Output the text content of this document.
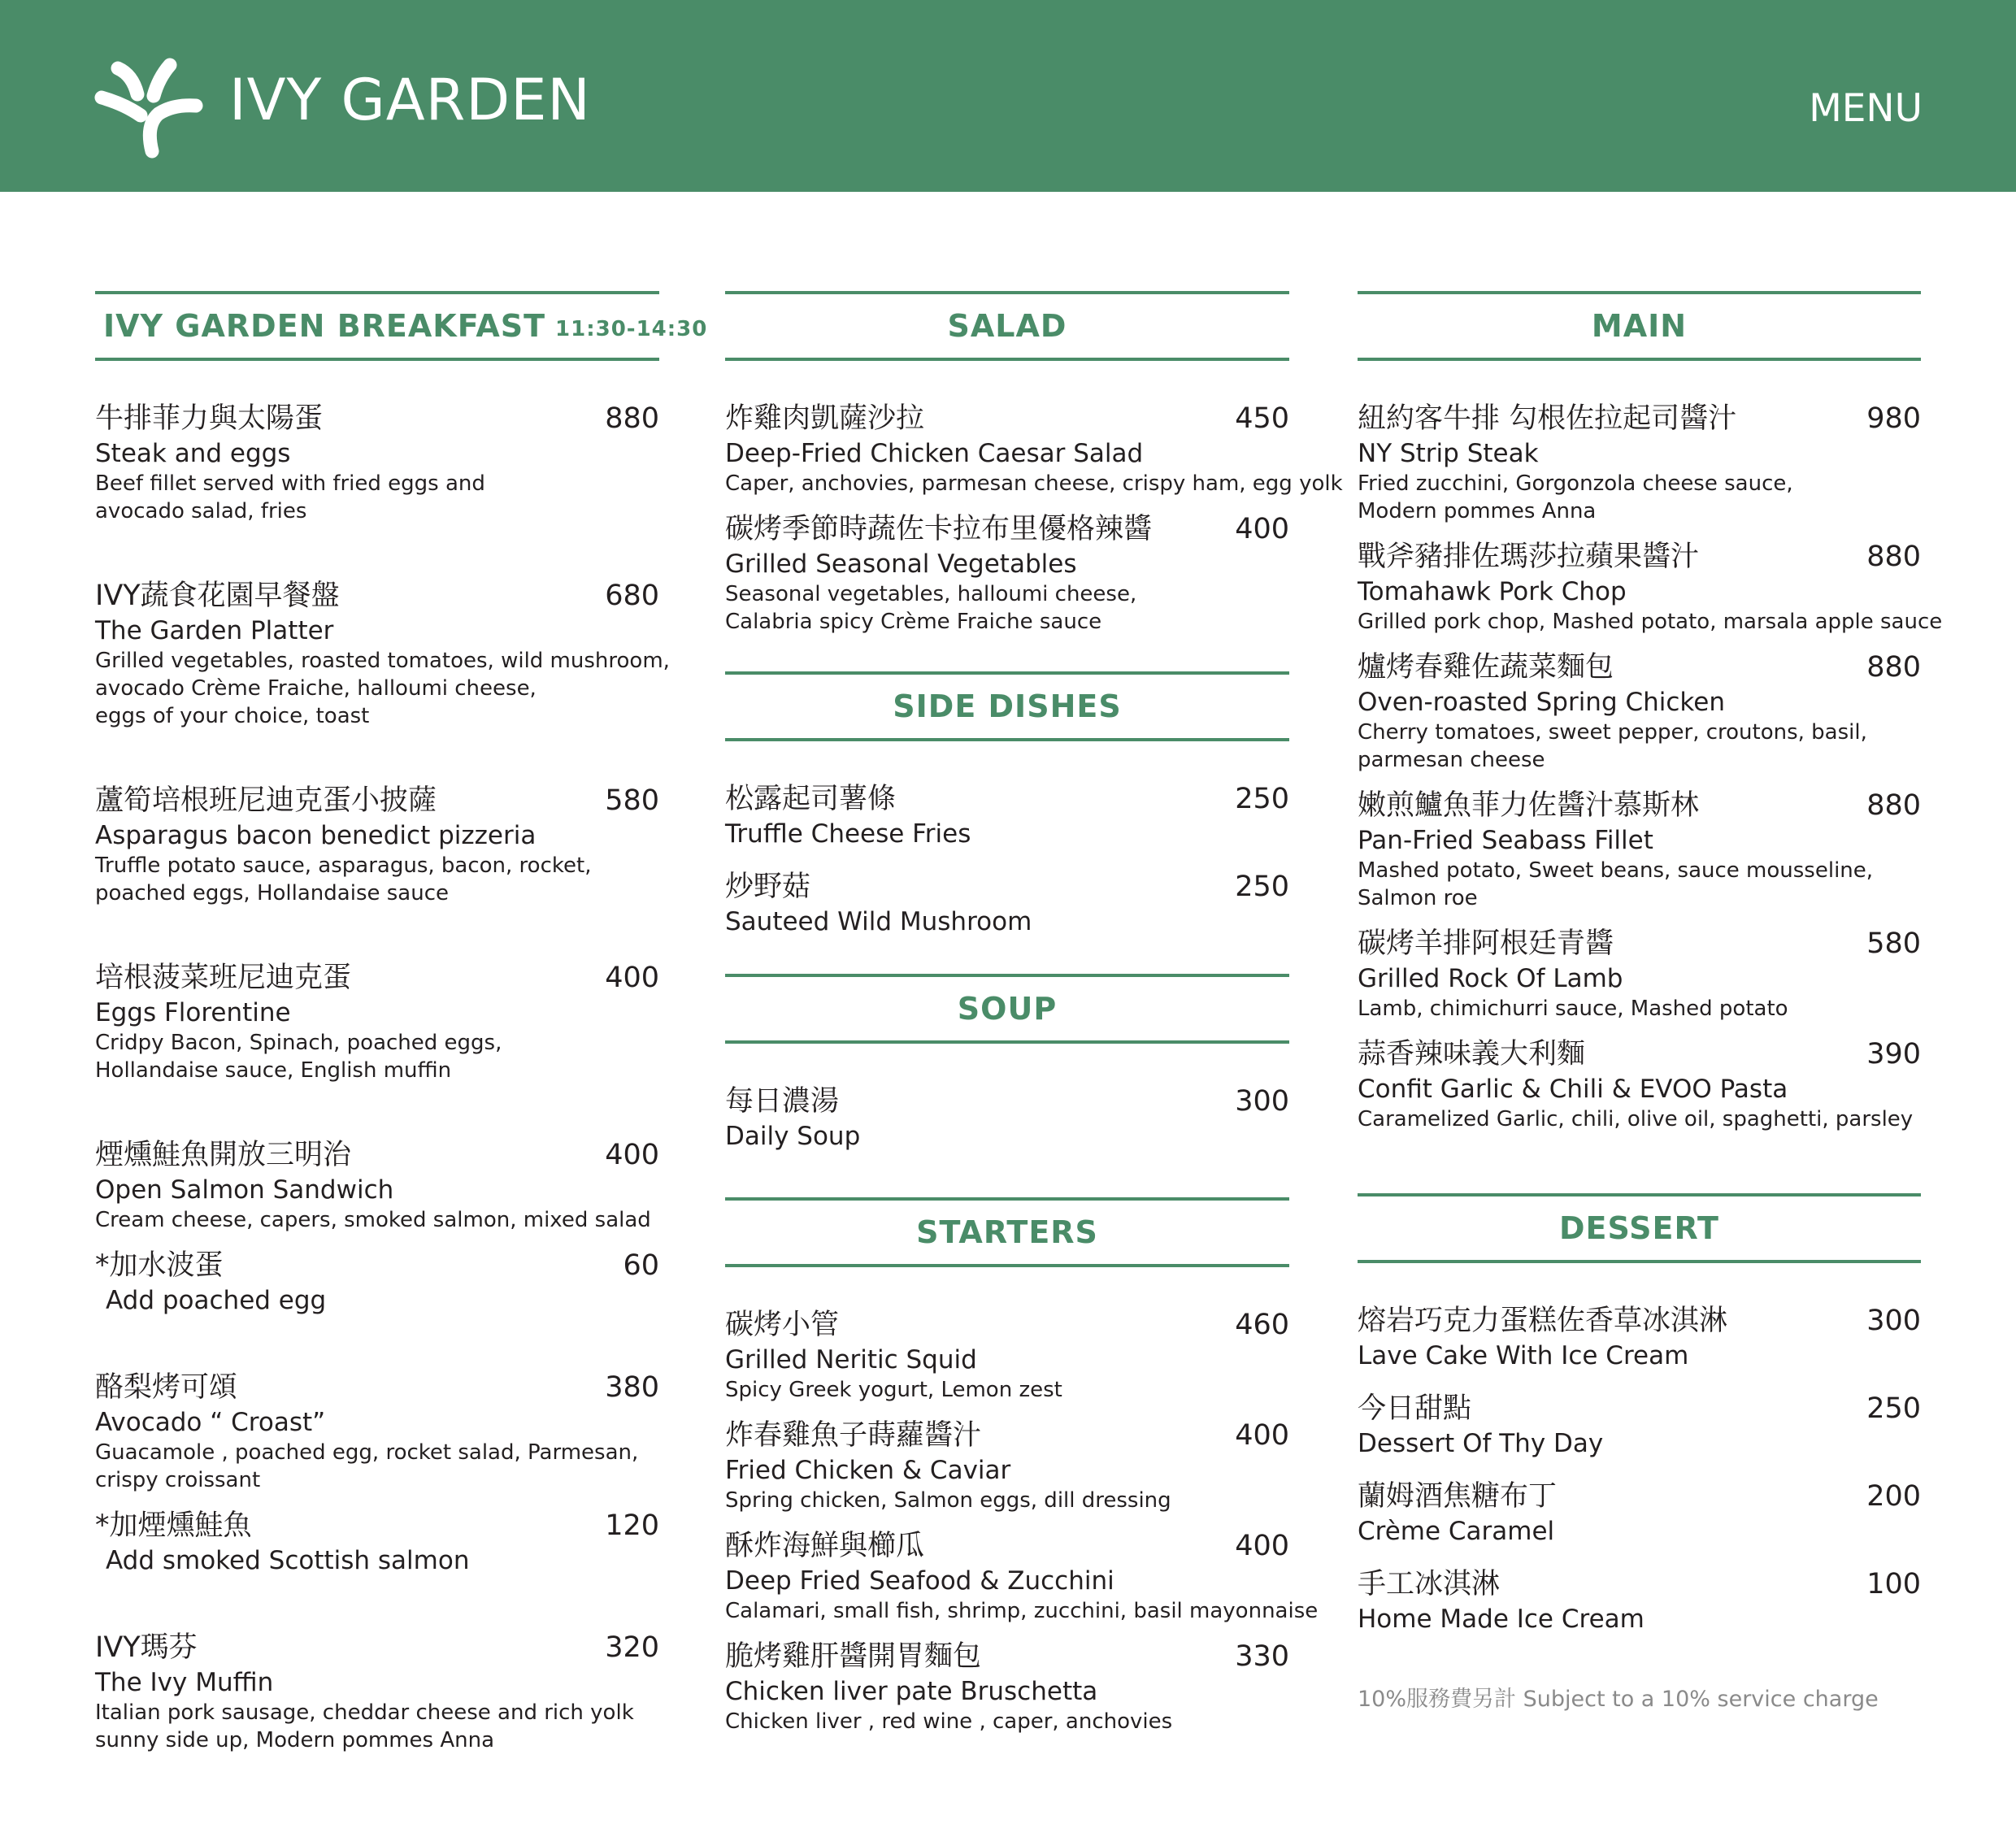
IVY GARDEN	MENU
IVY GARDEN BREAKFAST 11:30-14:30
牛排菲力與太陽蛋	880
Steak and eggs
Beef fillet served with fried eggs and
avocado salad, fries
IVY蔬食花園早餐盤	680
The Garden Platter
Grilled vegetables, roasted tomatoes, wild mushroom,
avocado Crème Fraiche, halloumi cheese,
eggs of your choice, toast
蘆筍培根班尼迪克蛋小披薩	580
Asparagus bacon benedict pizzeria
Truffle potato sauce, asparagus, bacon, rocket,
poached eggs, Hollandaise sauce
培根菠菜班尼迪克蛋	400
Eggs Florentine
Cridpy Bacon, Spinach, poached eggs,
Hollandaise sauce, English muffin
煙燻鮭魚開放三明治	400
Open Salmon Sandwich
Cream cheese, capers, smoked salmon, mixed salad
*加水波蛋	60
Add poached egg
酪梨烤可頌	380
Avocado “ Croast”
Guacamole , poached egg, rocket salad, Parmesan,
crispy croissant
*加煙燻鮭魚	120
Add smoked Scottish salmon
IVY瑪芬	320
The Ivy Muffin
Italian pork sausage, cheddar cheese and rich yolk
sunny side up, Modern pommes Anna
SALAD
炸雞肉凱薩沙拉	450
Deep-Fried Chicken Caesar Salad
Caper, anchovies, parmesan cheese, crispy ham, egg yolk
碳烤季節時蔬佐卡拉布里優格辣醬	400
Grilled Seasonal Vegetables
Seasonal vegetables, halloumi cheese,
Calabria spicy Crème Fraiche sauce
SIDE DISHES
松露起司薯條	250
Truffle Cheese Fries
炒野菇	250
Sauteed Wild Mushroom
SOUP
每日濃湯	300
Daily Soup
STARTERS
碳烤小管	460
Grilled Neritic Squid
Spicy Greek yogurt, Lemon zest
炸春雞魚子蒔蘿醬汁	400
Fried Chicken & Caviar
Spring chicken, Salmon eggs, dill dressing
酥炸海鮮與櫛瓜	400
Deep Fried Seafood & Zucchini
Calamari, small fish, shrimp, zucchini, basil mayonnaise
脆烤雞肝醬開胃麵包	330
Chicken liver pate Bruschetta
Chicken liver , red wine , caper, anchovies
MAIN
紐約客牛排 勾根佐拉起司醬汁	980
NY Strip Steak
Fried zucchini, Gorgonzola cheese sauce,
Modern pommes Anna
戰斧豬排佐瑪莎拉蘋果醬汁	880
Tomahawk Pork Chop
Grilled pork chop, Mashed potato, marsala apple sauce
爐烤春雞佐蔬菜麵包	880
Oven-roasted Spring Chicken
Cherry tomatoes, sweet pepper, croutons, basil,
parmesan cheese
嫩煎鱸魚菲力佐醬汁慕斯林	880
Pan-Fried Seabass Fillet
Mashed potato, Sweet beans, sauce mousseline,
Salmon roe
碳烤羊排阿根廷青醬	580
Grilled Rock Of Lamb
Lamb, chimichurri sauce, Mashed potato
蒜香辣味義大利麵	390
Confit Garlic & Chili & EVOO Pasta
Caramelized Garlic, chili, olive oil, spaghetti, parsley
DESSERT
熔岩巧克力蛋糕佐香草冰淇淋	300
Lave Cake With Ice Cream
今日甜點	250
Dessert Of Thy Day
蘭姆酒焦糖布丁	200
Crème Caramel
手工冰淇淋	100
Home Made Ice Cream
10%服務費另計 Subject to a 10% service charge
